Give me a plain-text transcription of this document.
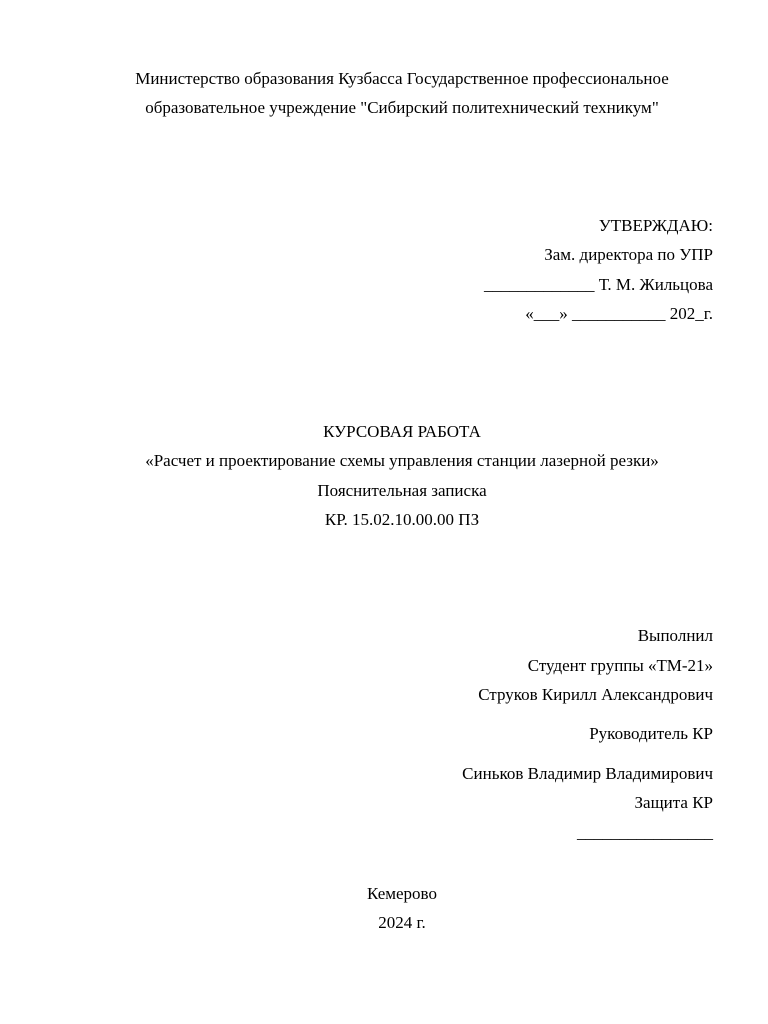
Министерство образования Кузбасса Государственное профессиональное
образовательное учреждение "Сибирский политехнический техникум"
УТВЕРЖДАЮ:
Зам. директора по УПР
_____________ Т. М. Жильцова
«___» ___________ 202_г.
КУРСОВАЯ РАБОТА
«Расчет и проектирование схемы управления станции лазерной резки»
Пояснительная записка
КР. 15.02.10.00.00 ПЗ
Выполнил
Студент группы «ТМ-21»
Струков Кирилл Александрович
Руководитель КР
Синьков Владимир Владимирович
Защита КР
________________
Кемерово
2024 г.
